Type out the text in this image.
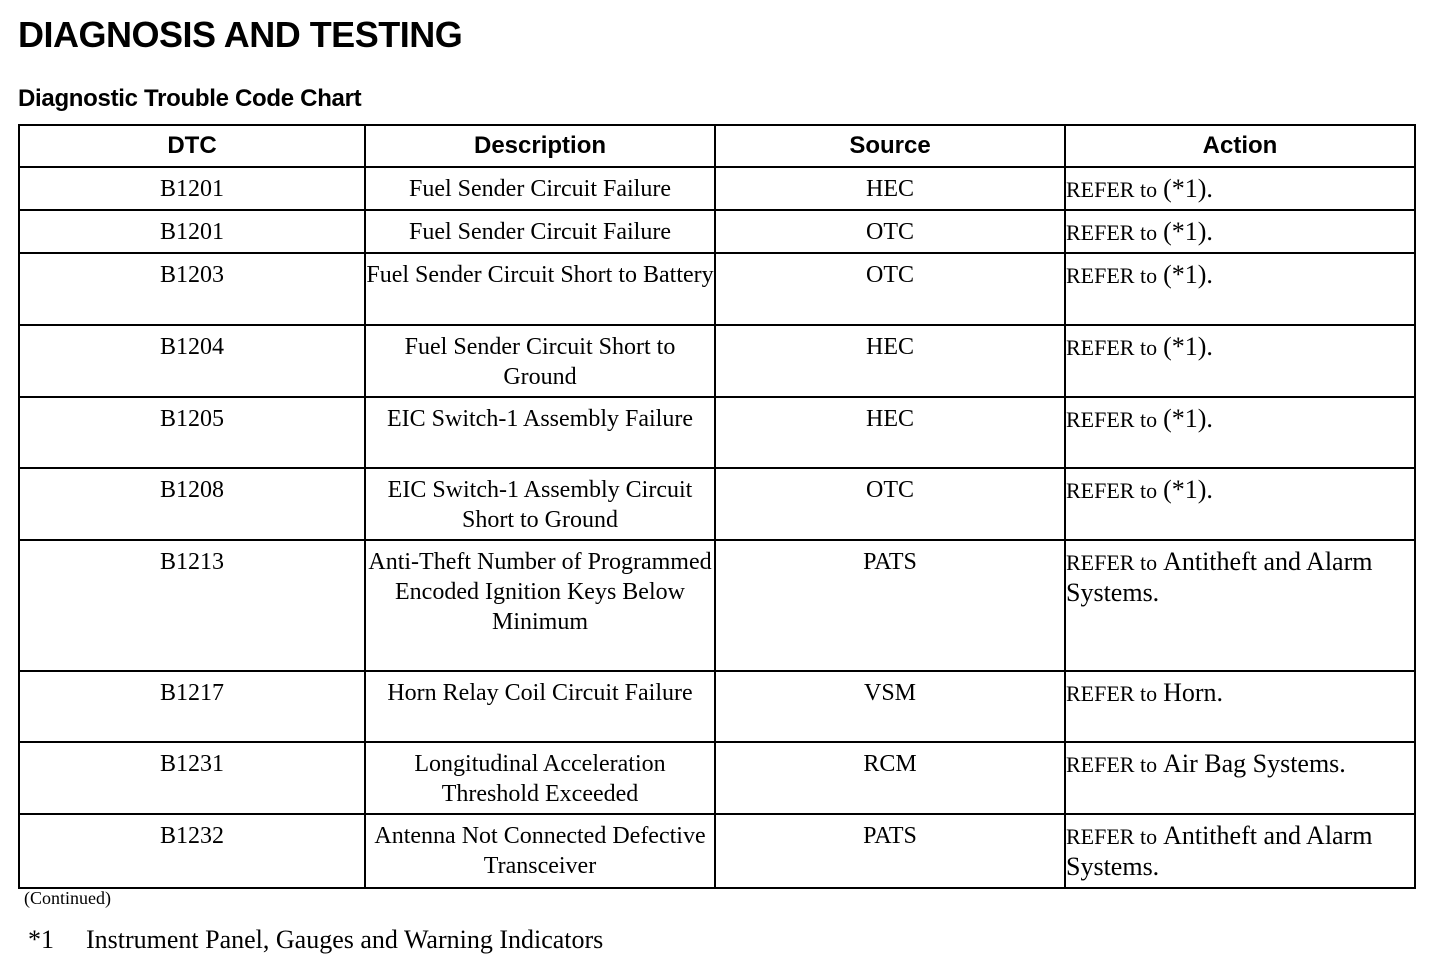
DIAGNOSIS AND TESTING
Diagnostic Trouble Code Chart
DTC	Description	Source	Action
B1201	Fuel Sender Circuit Failure	HEC	REFER to (*1).
B1201	Fuel Sender Circuit Failure	OTC	REFER to (*1).
B1203	Fuel Sender Circuit Short to Battery	OTC	REFER to (*1).
B1204	Fuel Sender Circuit Short to Ground	HEC	REFER to (*1).
B1205	EIC Switch-1 Assembly Failure	HEC	REFER to (*1).
B1208	EIC Switch-1 Assembly Circuit Short to Ground	OTC	REFER to (*1).
B1213	Anti-Theft Number of Programmed Encoded Ignition Keys Below Minimum	PATS	REFER to Antitheft and Alarm Systems.
B1217	Horn Relay Coil Circuit Failure	VSM	REFER to Horn.
B1231	Longitudinal Acceleration Threshold Exceeded	RCM	REFER to Air Bag Systems.
B1232	Antenna Not Connected Defective Transceiver	PATS	REFER to Antitheft and Alarm Systems.
(Continued)
*1 Instrument Panel, Gauges and Warning Indicators
